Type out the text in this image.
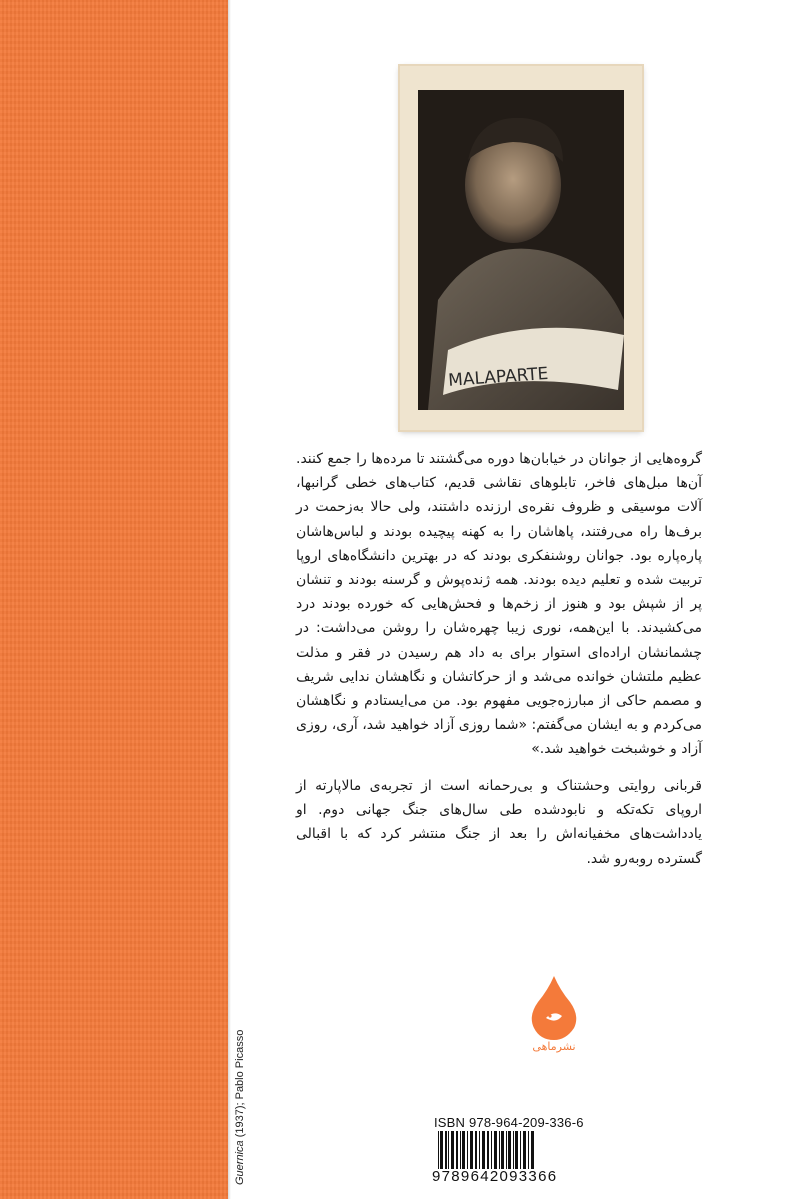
Guernica (1937); Pablo Picasso
MALAPARTE

گروه‌هایی از جوانان در خیابان‌ها دوره می‌گشتند تا مرده‌ها را جمع کنند. آن‌ها مبل‌های فاخر، تابلوهای نقاشی قدیم، کتاب‌های خطی گرانبها، آلات موسیقی و ظروف نقره‌ی ارزنده داشتند، ولی حالا به‌زحمت در برف‌ها راه می‌رفتند، پاهاشان را به کهنه پیچیده بودند و لباس‌هاشان پاره‌پاره بود. جوانان روشنفکری بودند که در بهترین دانشگاه‌های اروپا تربیت شده و تعلیم دیده بودند. همه ژنده‌پوش و گرسنه بودند و تنشان پر از شپش بود و هنوز از زخم‌ها و فحش‌هایی که خورده بودند درد می‌کشیدند. با این‌همه، نوری زیبا چهره‌شان را روشن می‌داشت: در چشمانشان اراده‌ای استوار برای به داد هم رسیدن در فقر و مذلت عظیم ملتشان خوانده می‌شد و از حرکاتشان و نگاهشان ندایی شریف و مصمم حاکی از مبارزه‌جویی مفهوم بود. من می‌ایستادم و نگاهشان می‌کردم و به ایشان می‌گفتم: «شما روزی آزاد خواهید شد، آری، روزی آزاد و خوشبخت خواهید شد.»

قربانی روایتی وحشتناک و بی‌رحمانه است از تجربه‌ی مالاپارته از اروپای تکه‌تکه و نابودشده طی سال‌های جنگ جهانی دوم. او یادداشت‌های مخفیانه‌اش را بعد از جنگ منتشر کرد که با اقبالی گسترده روبه‌رو شد.

نشرماهی
ISBN 978-964-209-336-6
9789642093366
